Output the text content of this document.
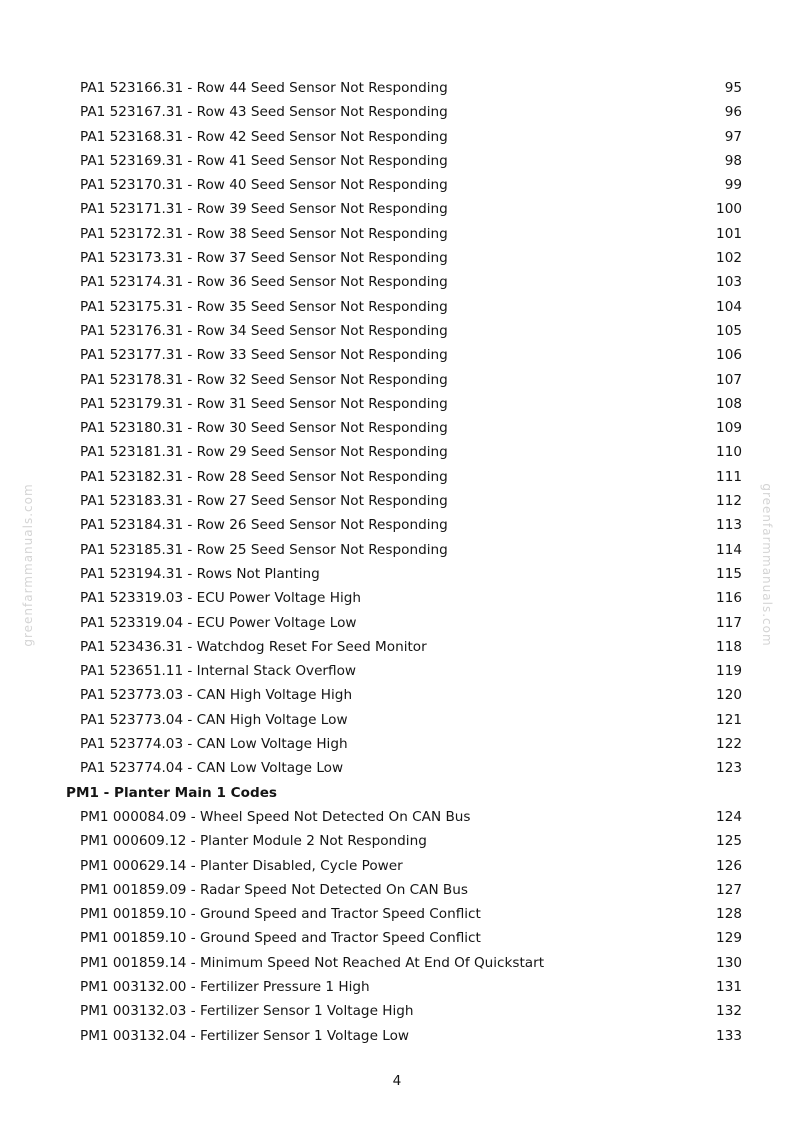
greenfarmmanuals.com	greenfarmmanuals.com
PA1 523166.31 - Row 44 Seed Sensor Not Responding	95
PA1 523167.31 - Row 43 Seed Sensor Not Responding	96
PA1 523168.31 - Row 42 Seed Sensor Not Responding	97
PA1 523169.31 - Row 41 Seed Sensor Not Responding	98
PA1 523170.31 - Row 40 Seed Sensor Not Responding	99
PA1 523171.31 - Row 39 Seed Sensor Not Responding	100
PA1 523172.31 - Row 38 Seed Sensor Not Responding	101
PA1 523173.31 - Row 37 Seed Sensor Not Responding	102
PA1 523174.31 - Row 36 Seed Sensor Not Responding	103
PA1 523175.31 - Row 35 Seed Sensor Not Responding	104
PA1 523176.31 - Row 34 Seed Sensor Not Responding	105
PA1 523177.31 - Row 33 Seed Sensor Not Responding	106
PA1 523178.31 - Row 32 Seed Sensor Not Responding	107
PA1 523179.31 - Row 31 Seed Sensor Not Responding	108
PA1 523180.31 - Row 30 Seed Sensor Not Responding	109
PA1 523181.31 - Row 29 Seed Sensor Not Responding	110
PA1 523182.31 - Row 28 Seed Sensor Not Responding	111
PA1 523183.31 - Row 27 Seed Sensor Not Responding	112
PA1 523184.31 - Row 26 Seed Sensor Not Responding	113
PA1 523185.31 - Row 25 Seed Sensor Not Responding	114
PA1 523194.31 - Rows Not Planting	115
PA1 523319.03 - ECU Power Voltage High	116
PA1 523319.04 - ECU Power Voltage Low	117
PA1 523436.31 - Watchdog Reset For Seed Monitor	118
PA1 523651.11 - Internal Stack Overflow	119
PA1 523773.03 - CAN High Voltage High	120
PA1 523773.04 - CAN High Voltage Low	121
PA1 523774.03 - CAN Low Voltage High	122
PA1 523774.04 - CAN Low Voltage Low	123
PM1 - Planter Main 1 Codes
PM1 000084.09 - Wheel Speed Not Detected On CAN Bus	124
PM1 000609.12 - Planter Module 2 Not Responding	125
PM1 000629.14 - Planter Disabled, Cycle Power	126
PM1 001859.09 - Radar Speed Not Detected On CAN Bus	127
PM1 001859.10 - Ground Speed and Tractor Speed Conflict	128
PM1 001859.10 - Ground Speed and Tractor Speed Conflict	129
PM1 001859.14 - Minimum Speed Not Reached At End Of Quickstart	130
PM1 003132.00 - Fertilizer Pressure 1 High	131
PM1 003132.03 - Fertilizer Sensor 1 Voltage High	132
PM1 003132.04 - Fertilizer Sensor 1 Voltage Low	133
4
